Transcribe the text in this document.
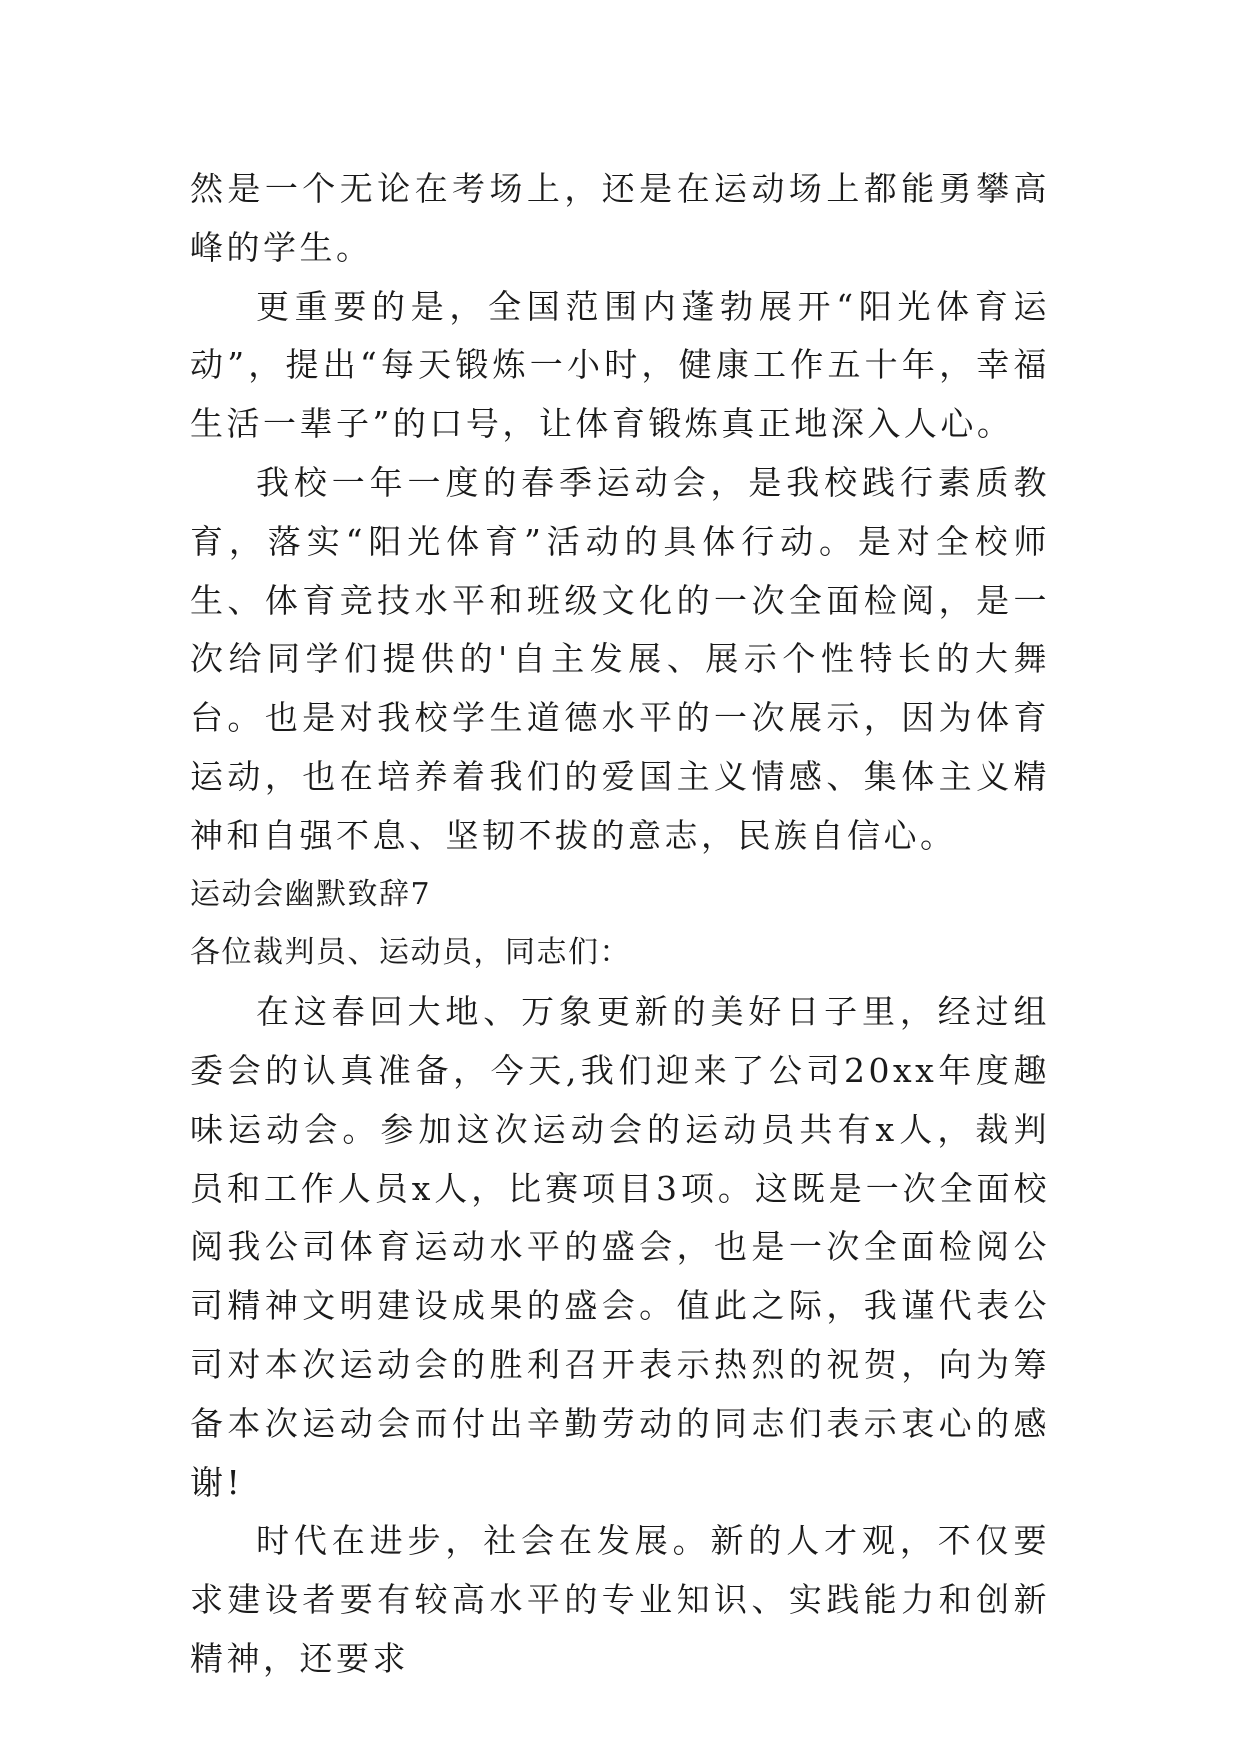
然是一个无论在考场上，还是在运动场上都能勇攀高峰的学生。

更重要的是，全国范围内蓬勃展开“阳光体育运动”，提出“每天锻炼一小时，健康工作五十年，幸福生活一辈子”的口号，让体育锻炼真正地深入人心。

我校一年一度的春季运动会，是我校践行素质教育，落实“阳光体育”活动的具体行动。是对全校师生、体育竞技水平和班级文化的一次全面检阅，是一次给同学们提供的'自主发展、展示个性特长的大舞台。也是对我校学生道德水平的一次展示，因为体育运动，也在培养着我们的爱国主义情感、集体主义精神和自强不息、坚韧不拔的意志，民族自信心。

运动会幽默致辞7

各位裁判员、运动员，同志们：

在这春回大地、万象更新的美好日子里，经过组委会的认真准备，今天,我们迎来了公司20xx年度趣味运动会。参加这次运动会的运动员共有x人，裁判员和工作人员x人，比赛项目3项。这既是一次全面校阅我公司体育运动水平的盛会，也是一次全面检阅公司精神文明建设成果的盛会。值此之际，我谨代表公司对本次运动会的胜利召开表示热烈的祝贺，向为筹备本次运动会而付出辛勤劳动的同志们表示衷心的感谢!

时代在进步，社会在发展。新的人才观，不仅要求建设者要有较高水平的专业知识、实践能力和创新精神，还要求
